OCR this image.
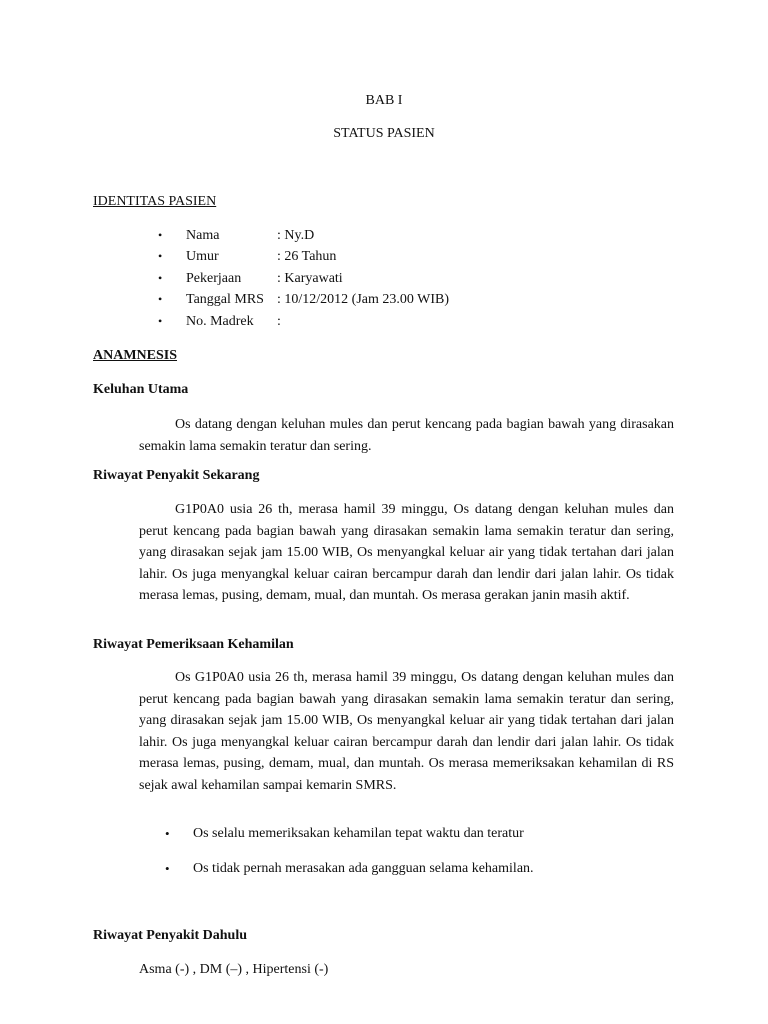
BAB I
STATUS PASIEN
IDENTITAS PASIEN
• Nama	: Ny.D
• Umur	: 26 Tahun
• Pekerjaan	: Karyawati
• Tanggal MRS : 10/12/2012 (Jam 23.00 WIB)
• No. Madrek :
ANAMNESIS
Keluhan Utama
Os datang dengan keluhan mules dan perut kencang pada bagian bawah yang dirasakan semakin lama semakin teratur dan sering.
Riwayat Penyakit Sekarang
G1P0A0 usia 26 th, merasa hamil 39 minggu, Os datang dengan keluhan mules dan perut kencang pada bagian bawah yang dirasakan semakin lama semakin teratur dan sering, yang dirasakan sejak jam 15.00 WIB, Os menyangkal keluar air yang tidak tertahan dari jalan lahir. Os juga menyangkal keluar cairan bercampur darah dan lendir dari jalan lahir. Os tidak merasa lemas, pusing, demam, mual, dan muntah. Os merasa gerakan janin masih aktif.
Riwayat Pemeriksaan Kehamilan
Os G1P0A0 usia 26 th, merasa hamil 39 minggu, Os datang dengan keluhan mules dan perut kencang pada bagian bawah yang dirasakan semakin lama semakin teratur dan sering, yang dirasakan sejak jam 15.00 WIB, Os menyangkal keluar air yang tidak tertahan dari jalan lahir. Os juga menyangkal keluar cairan bercampur darah dan lendir dari jalan lahir. Os tidak merasa lemas, pusing, demam, mual, dan muntah. Os merasa memeriksakan kehamilan di RS sejak awal kehamilan sampai kemarin SMRS.
• Os selalu memeriksakan kehamilan tepat waktu dan teratur
• Os tidak pernah merasakan ada gangguan selama kehamilan.
Riwayat Penyakit Dahulu
Asma (-) , DM (–) , Hipertensi (-)
